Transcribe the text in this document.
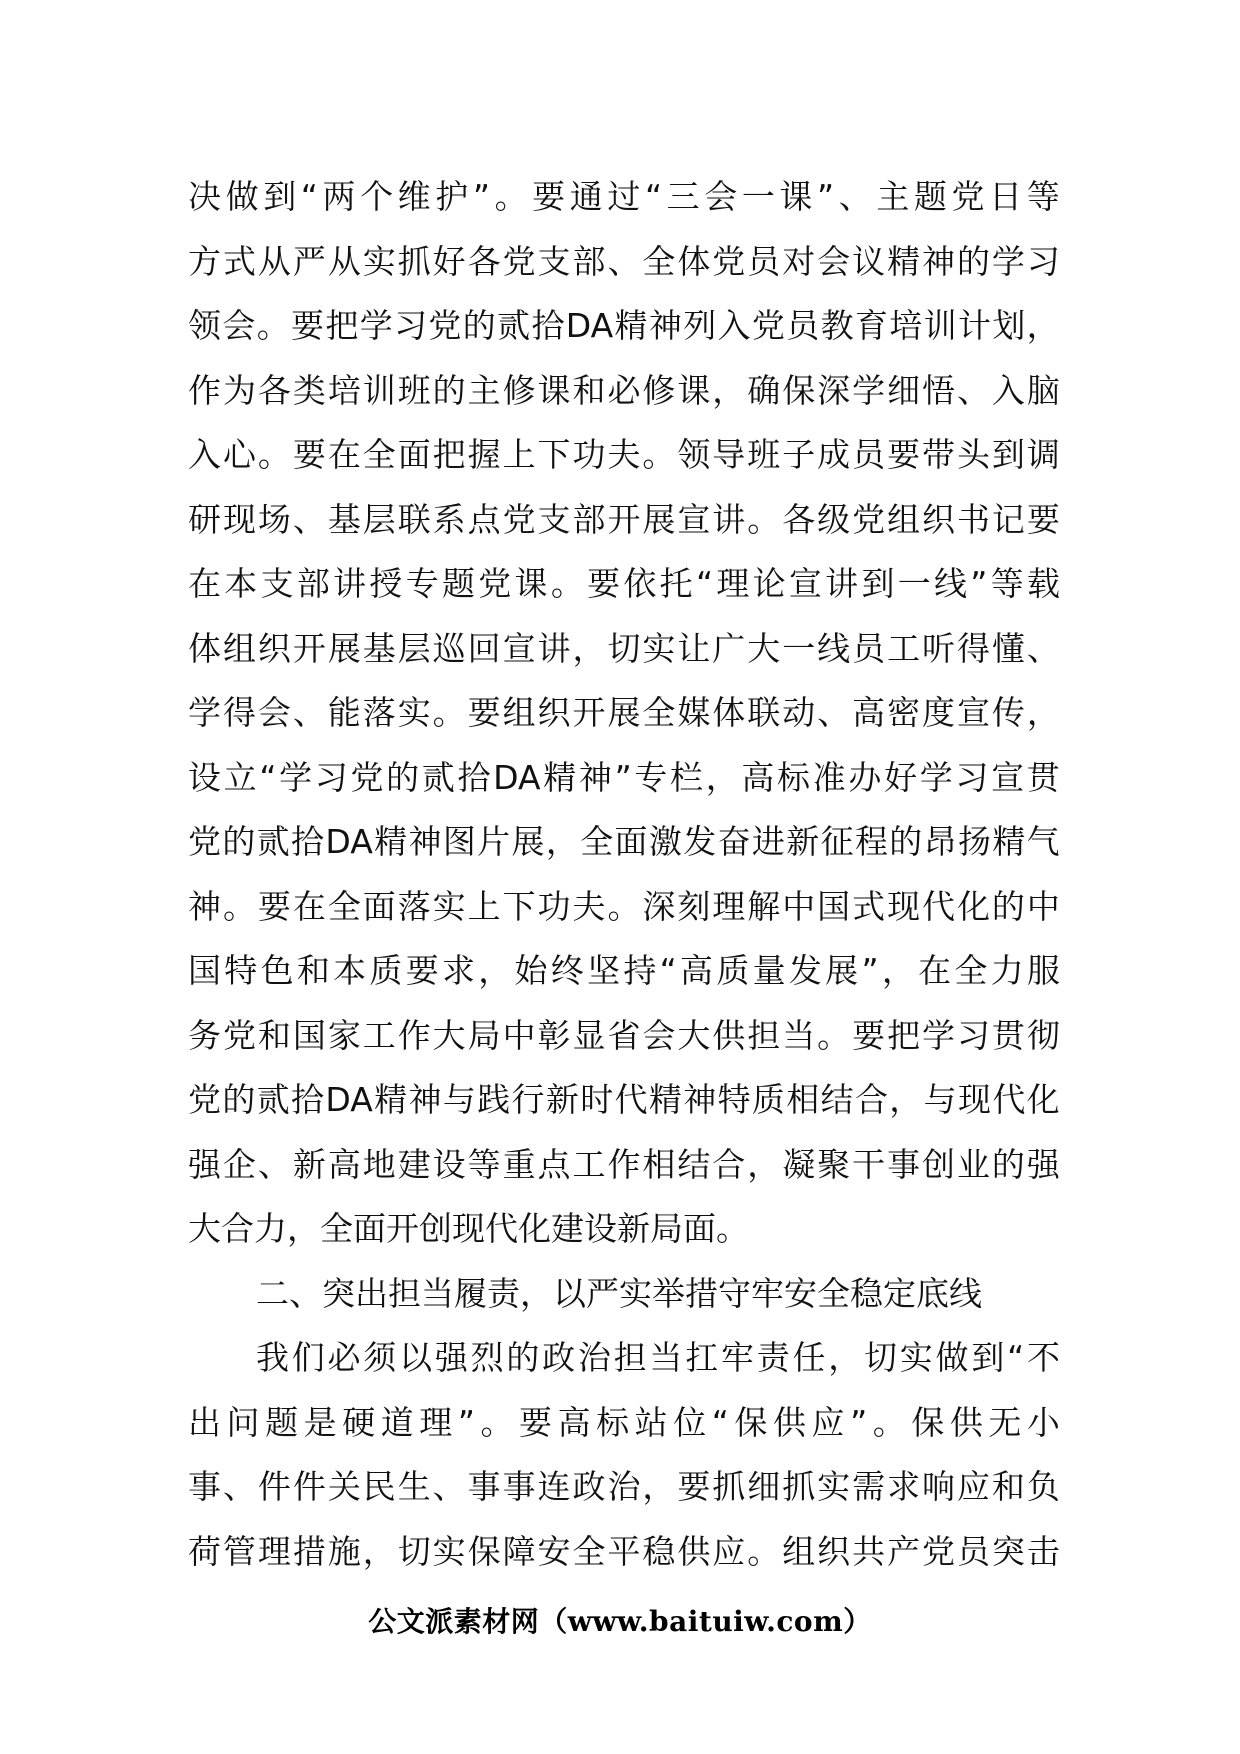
决 做 到 “ 两 个 维 护 ” 。 要 通 过 “ 三 会 一 课 ” 、 主 题 党 日 等
方 式 从 严 从 实 抓 好 各 党 支 部 、 全 体 党 员 对 会 议 精 神 的 学 习
领 会 。 要 把 学 习 党 的 贰 拾 DA 精 神 列 入 党 员 教 育 培 训 计 划 ，
作 为 各 类 培 训 班 的 主 修 课 和 必 修 课 ， 确 保 深 学 细 悟 、 入 脑
入 心 。 要 在 全 面 把 握 上 下 功 夫 。 领 导 班 子 成 员 要 带 头 到 调
研 现 场 、 基 层 联 系 点 党 支 部 开 展 宣 讲 。 各 级 党 组 织 书 记 要
在 本 支 部 讲 授 专 题 党 课 。 要 依 托 “ 理 论 宣 讲 到 一 线 ” 等 载
体 组 织 开 展 基 层 巡 回 宣 讲 ， 切 实 让 广 大 一 线 员 工 听 得 懂 、
学 得 会 、 能 落 实 。 要 组 织 开 展 全 媒 体 联 动 、 高 密 度 宣 传 ，
设 立 “ 学 习 党 的 贰 拾 DA 精 神 ” 专 栏 ， 高 标 准 办 好 学 习 宣 贯
党 的 贰 拾 DA 精 神 图 片 展 ， 全 面 激 发 奋 进 新 征 程 的 昂 扬 精 气
神 。 要 在 全 面 落 实 上 下 功 夫 。 深 刻 理 解 中 国 式 现 代 化 的 中
国 特 色 和 本 质 要 求 ， 始 终 坚 持 “ 高 质 量 发 展 ” ， 在 全 力 服
务 党 和 国 家 工 作 大 局 中 彰 显 省 会 大 供 担 当 。 要 把 学 习 贯 彻
党 的 贰 拾 DA 精 神 与 践 行 新 时 代 精 神 特 质 相 结 合 ， 与 现 代 化
强 企 、 新 高 地 建 设 等 重 点 工 作 相 结 合 ， 凝 聚 干 事 创 业 的 强
大合力，全面开创现代化建设新局面。
二、突出担当履责，以严实举措守牢安全稳定底线
我 们 必 须 以 强 烈 的 政 治 担 当 扛 牢 责 任 ， 切 实 做 到 “ 不
出 问 题 是 硬 道 理 ” 。 要 高 标 站 位 “ 保 供 应 ” 。 保 供 无 小
事 、 件 件 关 民 生 、 事 事 连 政 治 ， 要 抓 细 抓 实 需 求 响 应 和 负
荷 管 理 措 施 ， 切 实 保 障 安 全 平 稳 供 应 。 组 织 共 产 党 员 突 击
公文派素材网（www.baituiw.com）
